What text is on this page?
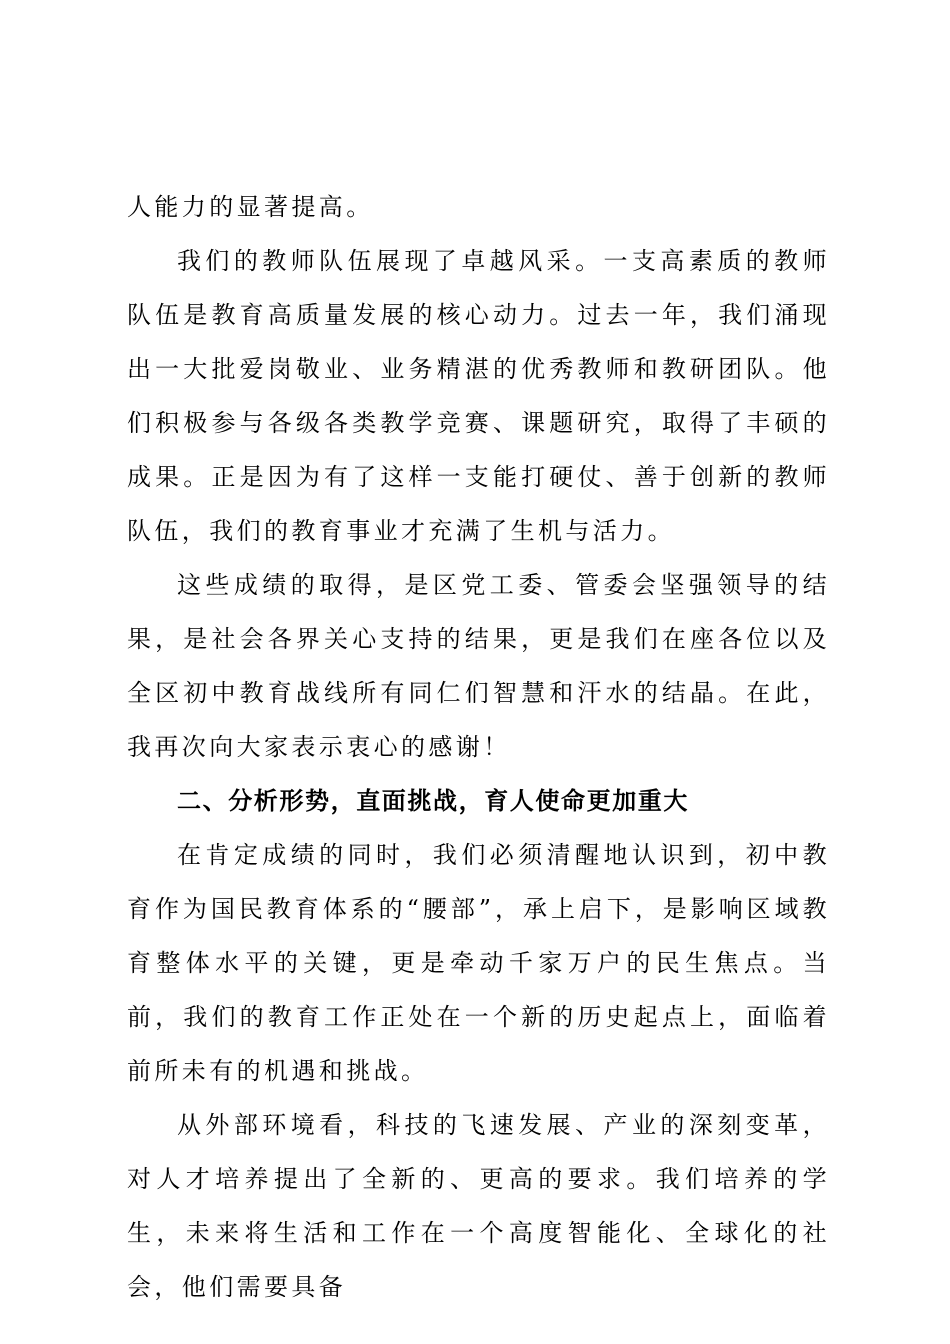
人能力的显著提高。

我们的教师队伍展现了卓越风采。一支高素质的教师队伍是教育高质量发展的核心动力。过去一年，我们涌现出一大批爱岗敬业、业务精湛的优秀教师和教研团队。他们积极参与各级各类教学竞赛、课题研究，取得了丰硕的成果。正是因为有了这样一支能打硬仗、善于创新的教师队伍，我们的教育事业才充满了生机与活力。

这些成绩的取得，是区党工委、管委会坚强领导的结果，是社会各界关心支持的结果，更是我们在座各位以及全区初中教育战线所有同仁们智慧和汗水的结晶。在此，我再次向大家表示衷心的感谢！

二、分析形势，直面挑战，育人使命更加重大

在肯定成绩的同时，我们必须清醒地认识到，初中教育作为国民教育体系的“腰部”，承上启下，是影响区域教育整体水平的关键，更是牵动千家万户的民生焦点。当前，我们的教育工作正处在一个新的历史起点上，面临着前所未有的机遇和挑战。

从外部环境看，科技的飞速发展、产业的深刻变革，对人才培养提出了全新的、更高的要求。我们培养的学生，未来将生活和工作在一个高度智能化、全球化的社会，他们需要具备
